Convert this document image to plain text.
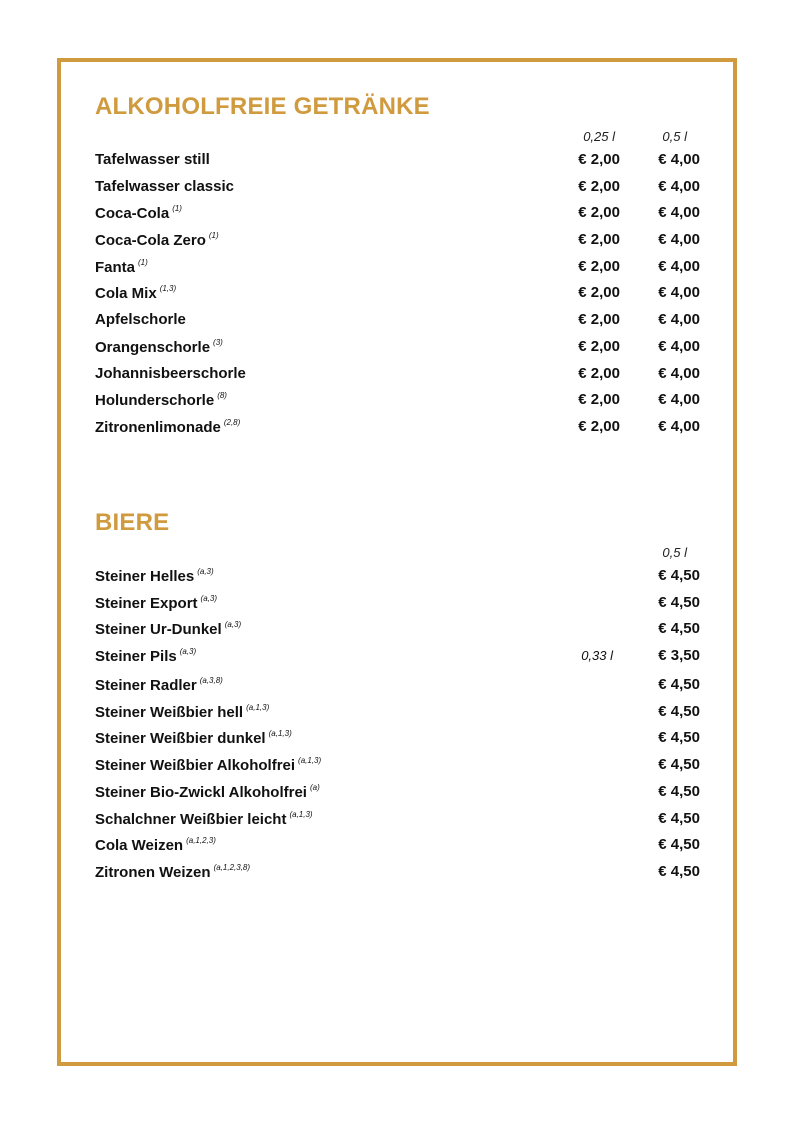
ALKOHOLFREIE GETRÄNKE
0,25 l	0,5 l
Tafelwasser still	€ 2,00	€ 4,00
Tafelwasser classic	€ 2,00	€ 4,00
Coca-Cola $^{(1)}$	€ 2,00	€ 4,00
Coca-Cola Zero $^{(1)}$	€ 2,00	€ 4,00
Fanta $^{(1)}$	€ 2,00	€ 4,00
Cola Mix $^{(1,3)}$	€ 2,00	€ 4,00
Apfelschorle	€ 2,00	€ 4,00
Orangenschorle $^{(3)}$	€ 2,00	€ 4,00
Johannisbeerschorle	€ 2,00	€ 4,00
Holunderschorle $^{(8)}$	€ 2,00	€ 4,00
Zitronenlimonade $^{(2,8)}$	€ 2,00	€ 4,00
BIERE
0,5 l
Steiner Helles $^{(a,3)}$	€ 4,50
Steiner Export $^{(a,3)}$	€ 4,50
Steiner Ur-Dunkel $^{(a,3)}$	€ 4,50
Steiner Pils $^{(a,3)}$	0,33 l	€ 3,50
Steiner Radler $^{(a,3,8)}$	€ 4,50
Steiner Weißbier hell $^{(a,1,3)}$	€ 4,50
Steiner Weißbier dunkel $^{(a,1,3)}$	€ 4,50
Steiner Weißbier Alkoholfrei $^{(a,1,3)}$	€ 4,50
Steiner Bio-Zwickl Alkoholfrei $^{(a)}$	€ 4,50
Schalchner Weißbier leicht $^{(a,1,3)}$	€ 4,50
Cola Weizen $^{(a,1,2,3)}$	€ 4,50
Zitronen Weizen $^{(a,1,2,3,8)}$	€ 4,50
